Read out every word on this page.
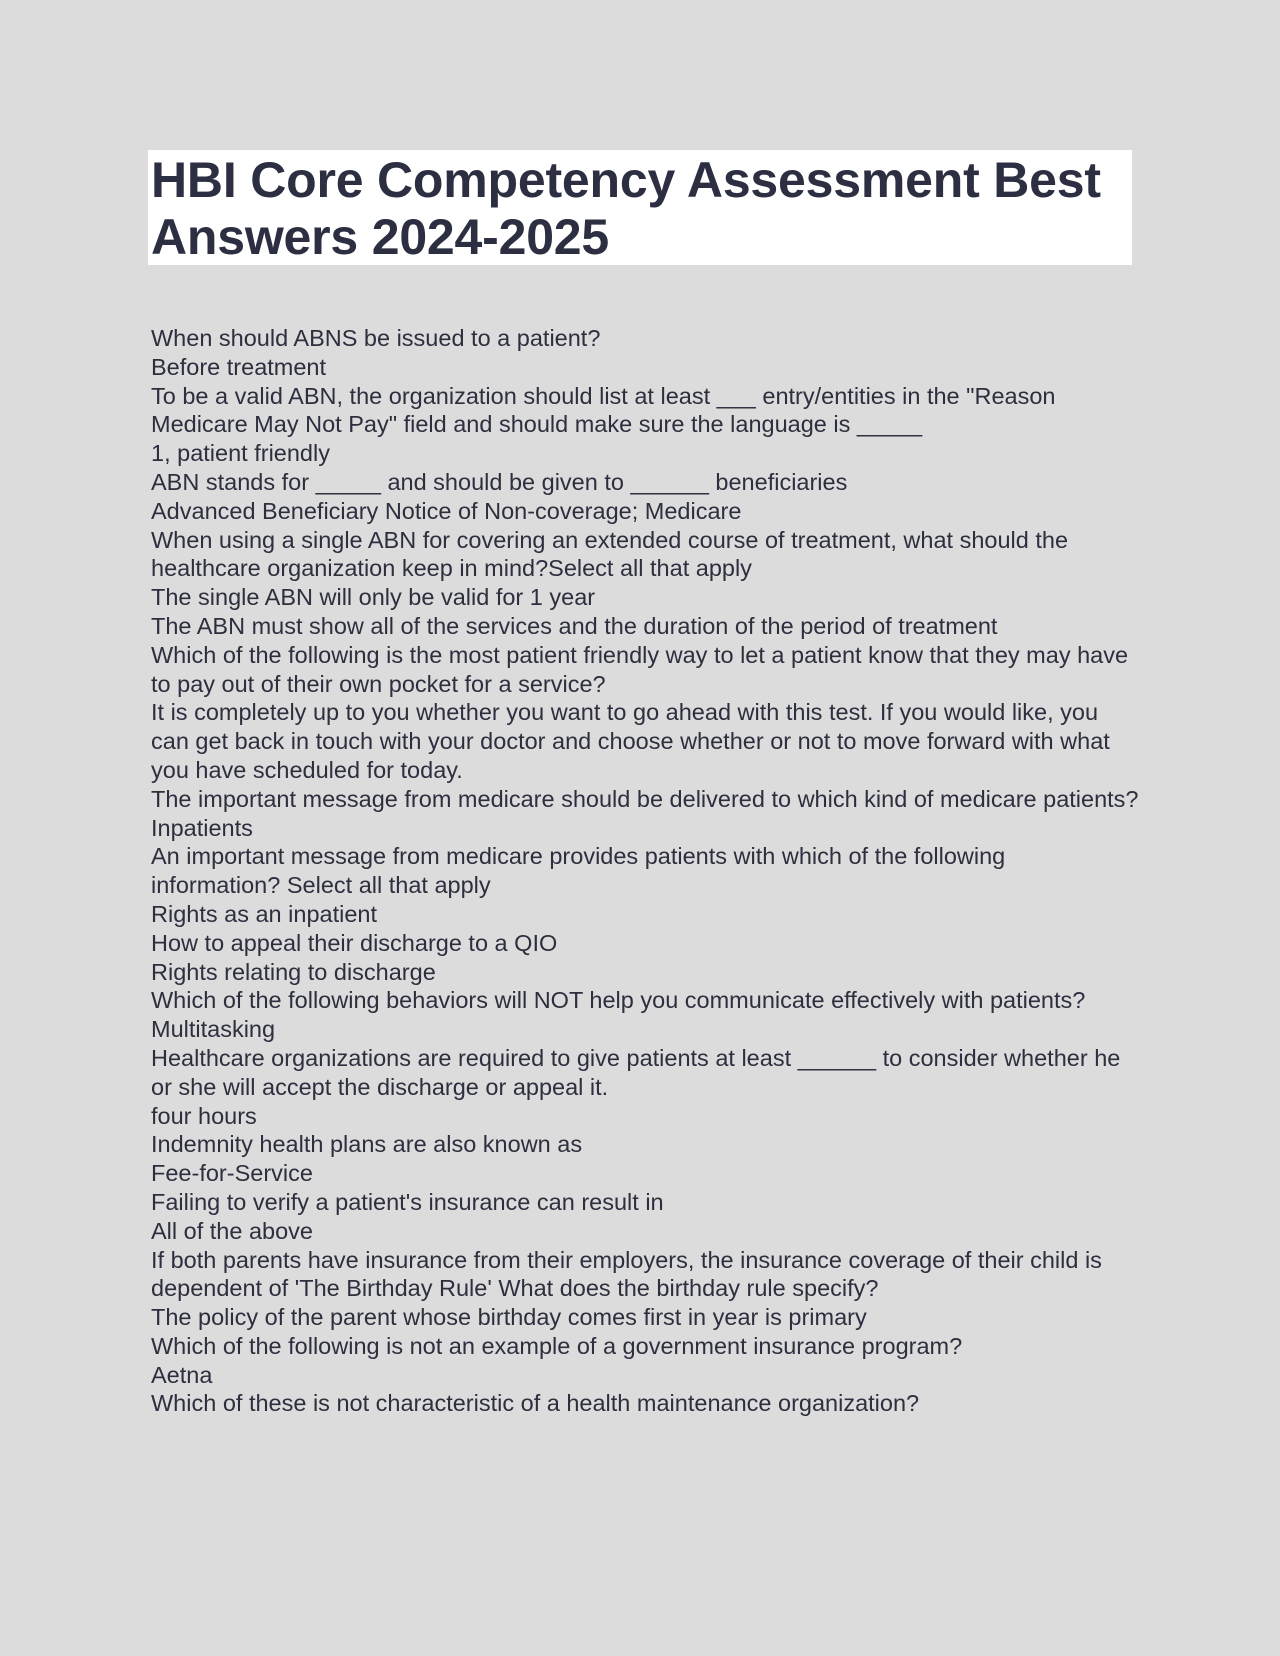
HBI Core Competency Assessment Best Answers 2024-2025

When should ABNS be issued to a patient?

Before treatment

To be a valid ABN, the organization should list at least ___ entry/entities in the "Reason Medicare May Not Pay" field and should make sure the language is _____

1, patient friendly

ABN stands for _____ and should be given to ______ beneficiaries

Advanced Beneficiary Notice of Non-coverage; Medicare

When using a single ABN for covering an extended course of treatment, what should the healthcare organization keep in mind?Select all that apply

The single ABN will only be valid for 1 year

The ABN must show all of the services and the duration of the period of treatment

Which of the following is the most patient friendly way to let a patient know that they may have to pay out of their own pocket for a service?

It is completely up to you whether you want to go ahead with this test. If you would like, you can get back in touch with your doctor and choose whether or not to move forward with what you have scheduled for today.

The important message from medicare should be delivered to which kind of medicare patients?

Inpatients

An important message from medicare provides patients with which of the following information? Select all that apply

Rights as an inpatient

How to appeal their discharge to a QIO

Rights relating to discharge

Which of the following behaviors will NOT help you communicate effectively with patients?

Multitasking

Healthcare organizations are required to give patients at least ______ to consider whether he or she will accept the discharge or appeal it.

four hours

Indemnity health plans are also known as

Fee-for-Service

Failing to verify a patient's insurance can result in

All of the above

If both parents have insurance from their employers, the insurance coverage of their child is dependent of 'The Birthday Rule' What does the birthday rule specify?

The policy of the parent whose birthday comes first in year is primary

Which of the following is not an example of a government insurance program?

Aetna

Which of these is not characteristic of a health maintenance organization?
